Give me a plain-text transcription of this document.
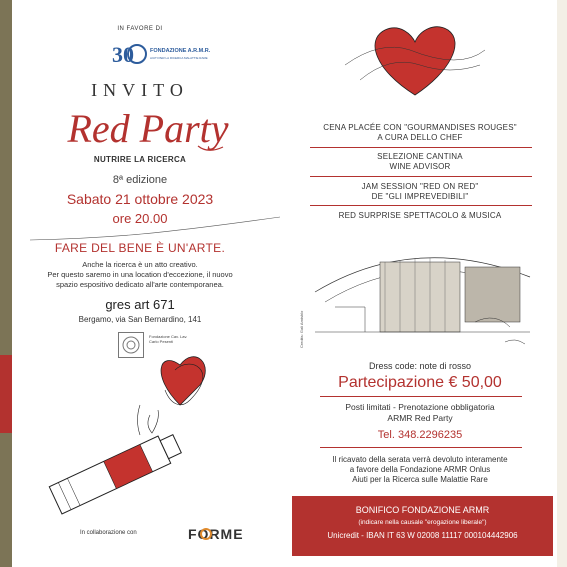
IN FAVORE DI
30	FONDAZIONE A.R.M.R.
AIUTI PER LA RICERCA MALATTIE RARE
INVITO
Red Party
NUTRIRE LA RICERCA
8ª edizione
Sabato 21 ottobre 2023
ore 20.00
FARE DEL BENE È UN'ARTE.
Anche la ricerca è un atto creativo.
Per questo saremo in una location d'eccezione, il nuovo
spazio espositivo dedicato all'arte contemporanea.
gres art 671
Bergamo, via San Bernardino, 141
Fondazione Cav. Lav. Carlo Pesenti
In collaborazione con	FORME
CENA PLACÉE CON "GOURMANDISES ROUGES"
A CURA DELLO CHEF
SELEZIONE CANTINA
WINE ADVISOR
JAM SESSION "RED ON RED"
DE "GLI IMPREVEDIBILI"
RED SURPRISE SPETTACOLO & MUSICA
Credits: Gali Amtshlo
Dress code: note di rosso
Partecipazione € 50,00
Posti limitati - Prenotazione obbligatoria
ARMR Red Party
Tel. 348.2296235
Il ricavato della serata verrà devoluto interamente
a favore della Fondazione ARMR Onlus
Aiuti per la Ricerca sulle Malattie Rare
BONIFICO FONDAZIONE ARMR
(indicare nella causale "erogazione liberale")
Unicredit - IBAN IT 63 W 02008 11117 000104442906
